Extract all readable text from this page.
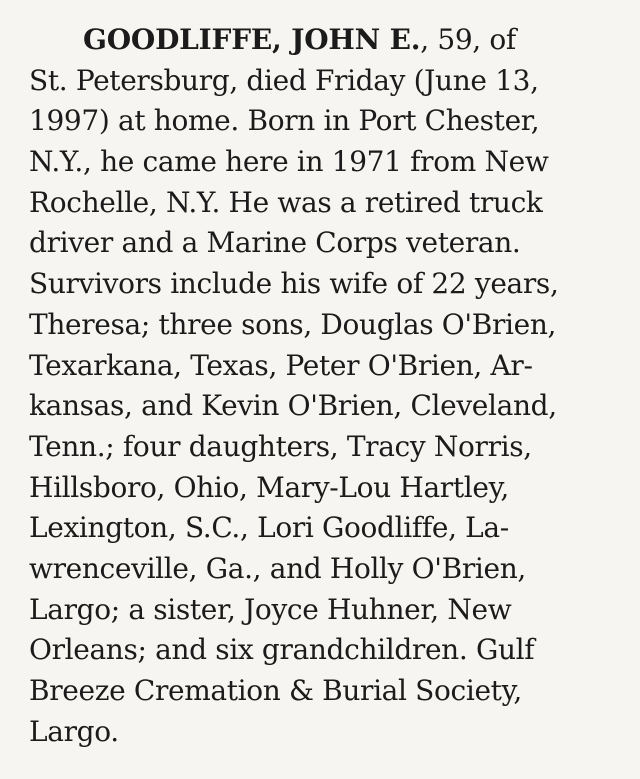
GOODLIFFE, JOHN E., 59, of
St. Petersburg, died Friday (June 13,
1997) at home. Born in Port Chester,
N.Y., he came here in 1971 from New
Rochelle, N.Y. He was a retired truck
driver and a Marine Corps veteran.
Survivors include his wife of 22 years,
Theresa; three sons, Douglas O'Brien,
Texarkana, Texas, Peter O'Brien, Ar-
kansas, and Kevin O'Brien, Cleveland,
Tenn.; four daughters, Tracy Norris,
Hillsboro, Ohio, Mary-Lou Hartley,
Lexington, S.C., Lori Goodliffe, La-
wrenceville, Ga., and Holly O'Brien,
Largo; a sister, Joyce Huhner, New
Orleans; and six grandchildren. Gulf
Breeze Cremation & Burial Society,
Largo.
